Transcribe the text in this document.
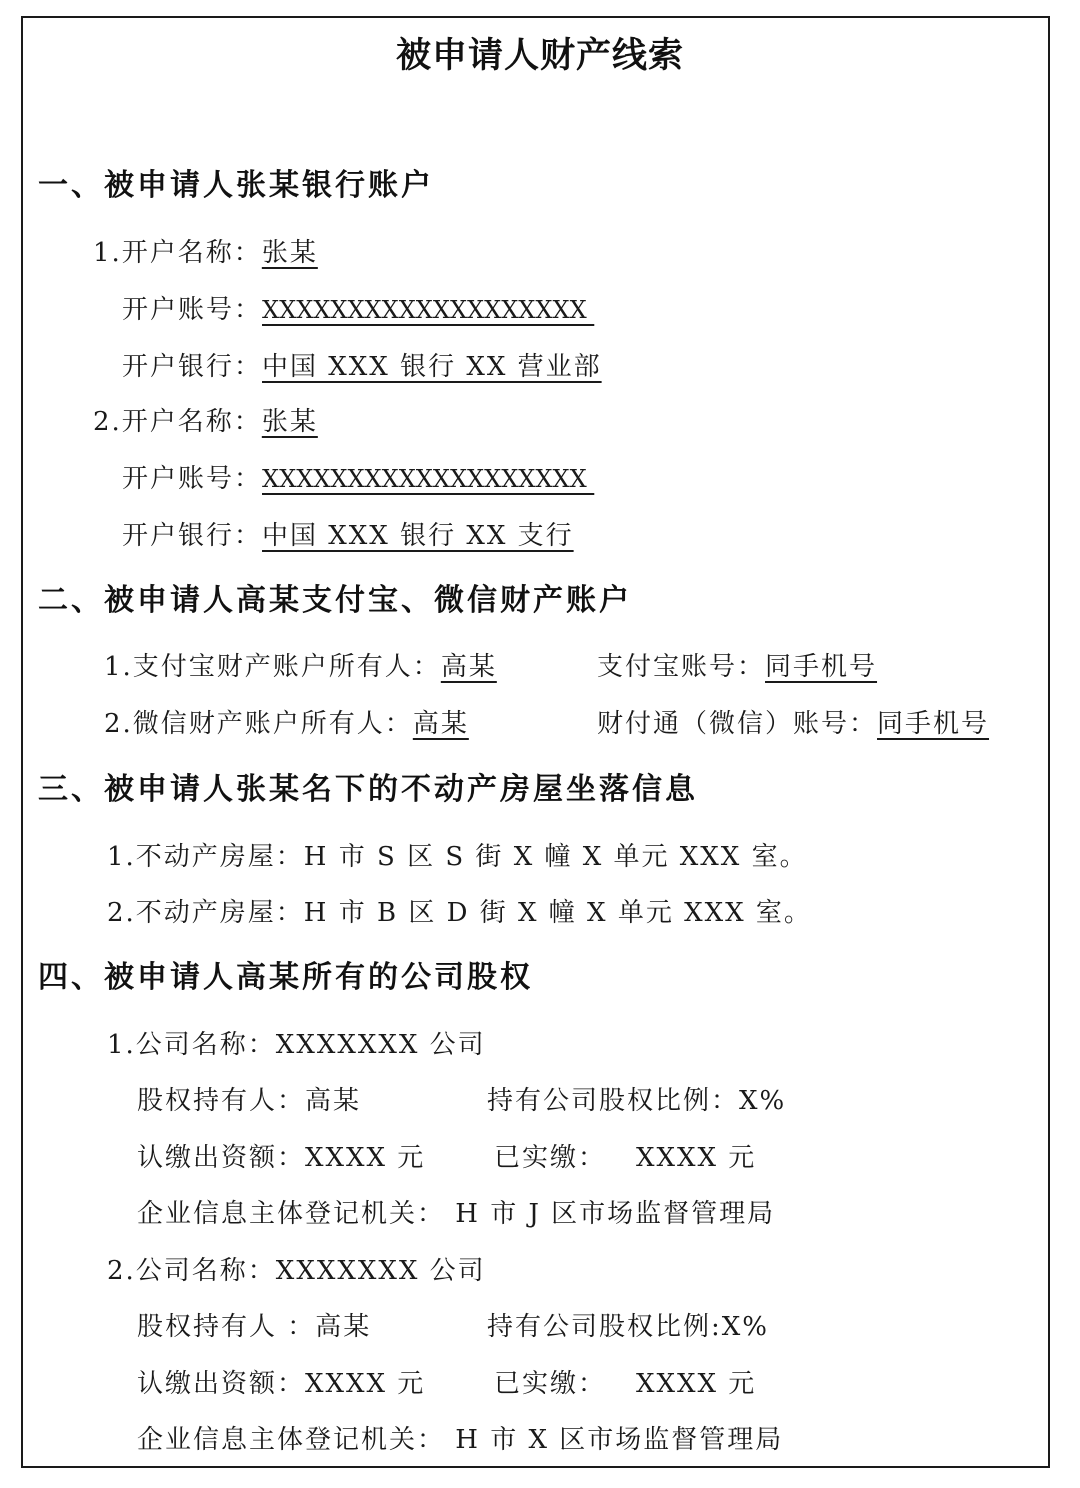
被申请人财产线索
一、被申请人张某银行账户
1.开户名称：张某
开户账号：XXXXXXXXXXXXXXXXXXX
开户银行：中国 XXX 银行 XX 营业部
2.开户名称：张某
开户账号：XXXXXXXXXXXXXXXXXXX
开户银行：中国 XXX 银行 XX 支行
二、被申请人高某支付宝、微信财产账户
1.支付宝财产账户所有人：高某	支付宝账号：同手机号
2.微信财产账户所有人：高某	财付通（微信）账号：同手机号
三、被申请人张某名下的不动产房屋坐落信息
1.不动产房屋：H 市 S 区 S 街 X 幢 X 单元 XXX 室。
2.不动产房屋：H 市 B 区 D 街 X 幢 X 单元 XXX 室。
四、被申请人高某所有的公司股权
1.公司名称：XXXXXXX 公司
股权持有人：高某	持有公司股权比例：X%
认缴出资额：XXXX 元	已实缴： XXXX 元
企业信息主体登记机关： H 市 J 区市场监督管理局
2.公司名称：XXXXXXX 公司
股权持有人 ：高某	持有公司股权比例:X%
认缴出资额：XXXX 元	已实缴： XXXX 元
企业信息主体登记机关： H 市 X 区市场监督管理局
